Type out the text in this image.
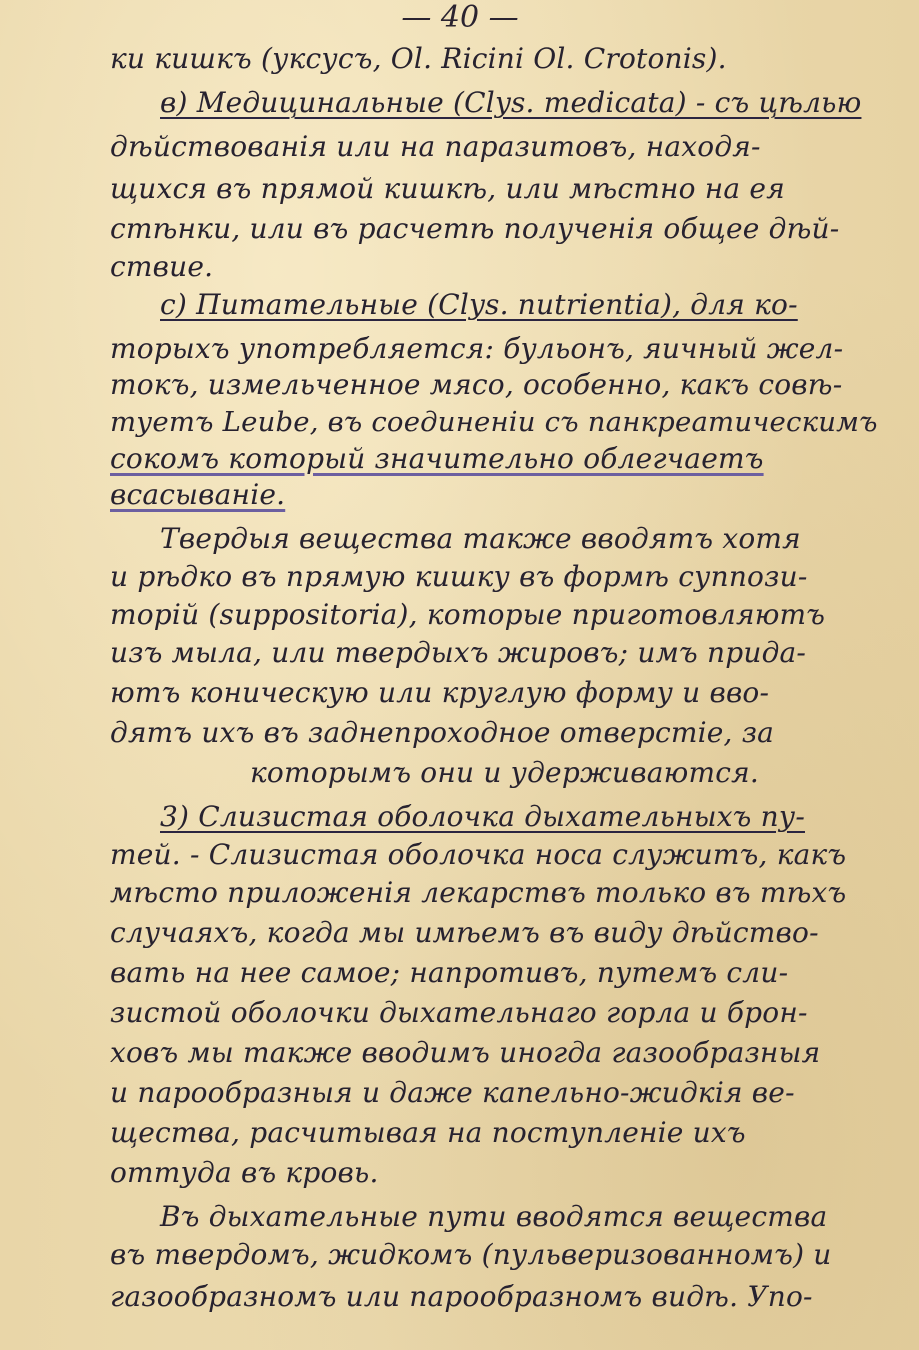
— 40 —
ки кишкъ (уксусъ, Ol. Ricini Ol. Crotonis).
в) Медицинальные (Clys. medicata) - съ цѣлью
дѣйствованія или на паразитовъ, находя-
щихся въ прямой кишкѣ, или мѣстно на ея
стѣнки, или въ расчетѣ полученія общее дѣй-
ствие.
с) Питательные (Clys. nutrientia), для ко-
торыхъ употребляется: бульонъ, яичный жел-
токъ, измельченное мясо, особенно, какъ совѣ-
туетъ Leube, въ соединеніи съ панкреатическимъ
сокомъ который значительно облегчаетъ
всасываніе.
Твердыя вещества также вводятъ хотя
и рѣдко въ прямую кишку въ формѣ суппози-
торій (suppositoria), которые приготовляютъ
изъ мыла, или твердыхъ жировъ; имъ прида-
ютъ коническую или круглую форму и вво-
дятъ ихъ въ заднепроходное отверстіе, за
которымъ они и удерживаются.
3) Слизистая оболочка дыхательныхъ пу-
тей. - Слизистая оболочка носа служитъ, какъ
мѣсто приложенія лекарствъ только въ тѣхъ
случаяхъ, когда мы имѣемъ въ виду дѣйство-
вать на нее самое; напротивъ, путемъ сли-
зистой оболочки дыхательнаго горла и брон-
ховъ мы также вводимъ иногда газообразныя
и парообразныя и даже капельно-жидкія ве-
щества, расчитывая на поступленіе ихъ
оттуда въ кровь.
Въ дыхательные пути вводятся вещества
въ твердомъ, жидкомъ (пульверизованномъ) и
газообразномъ или парообразномъ видѣ. Упо-
